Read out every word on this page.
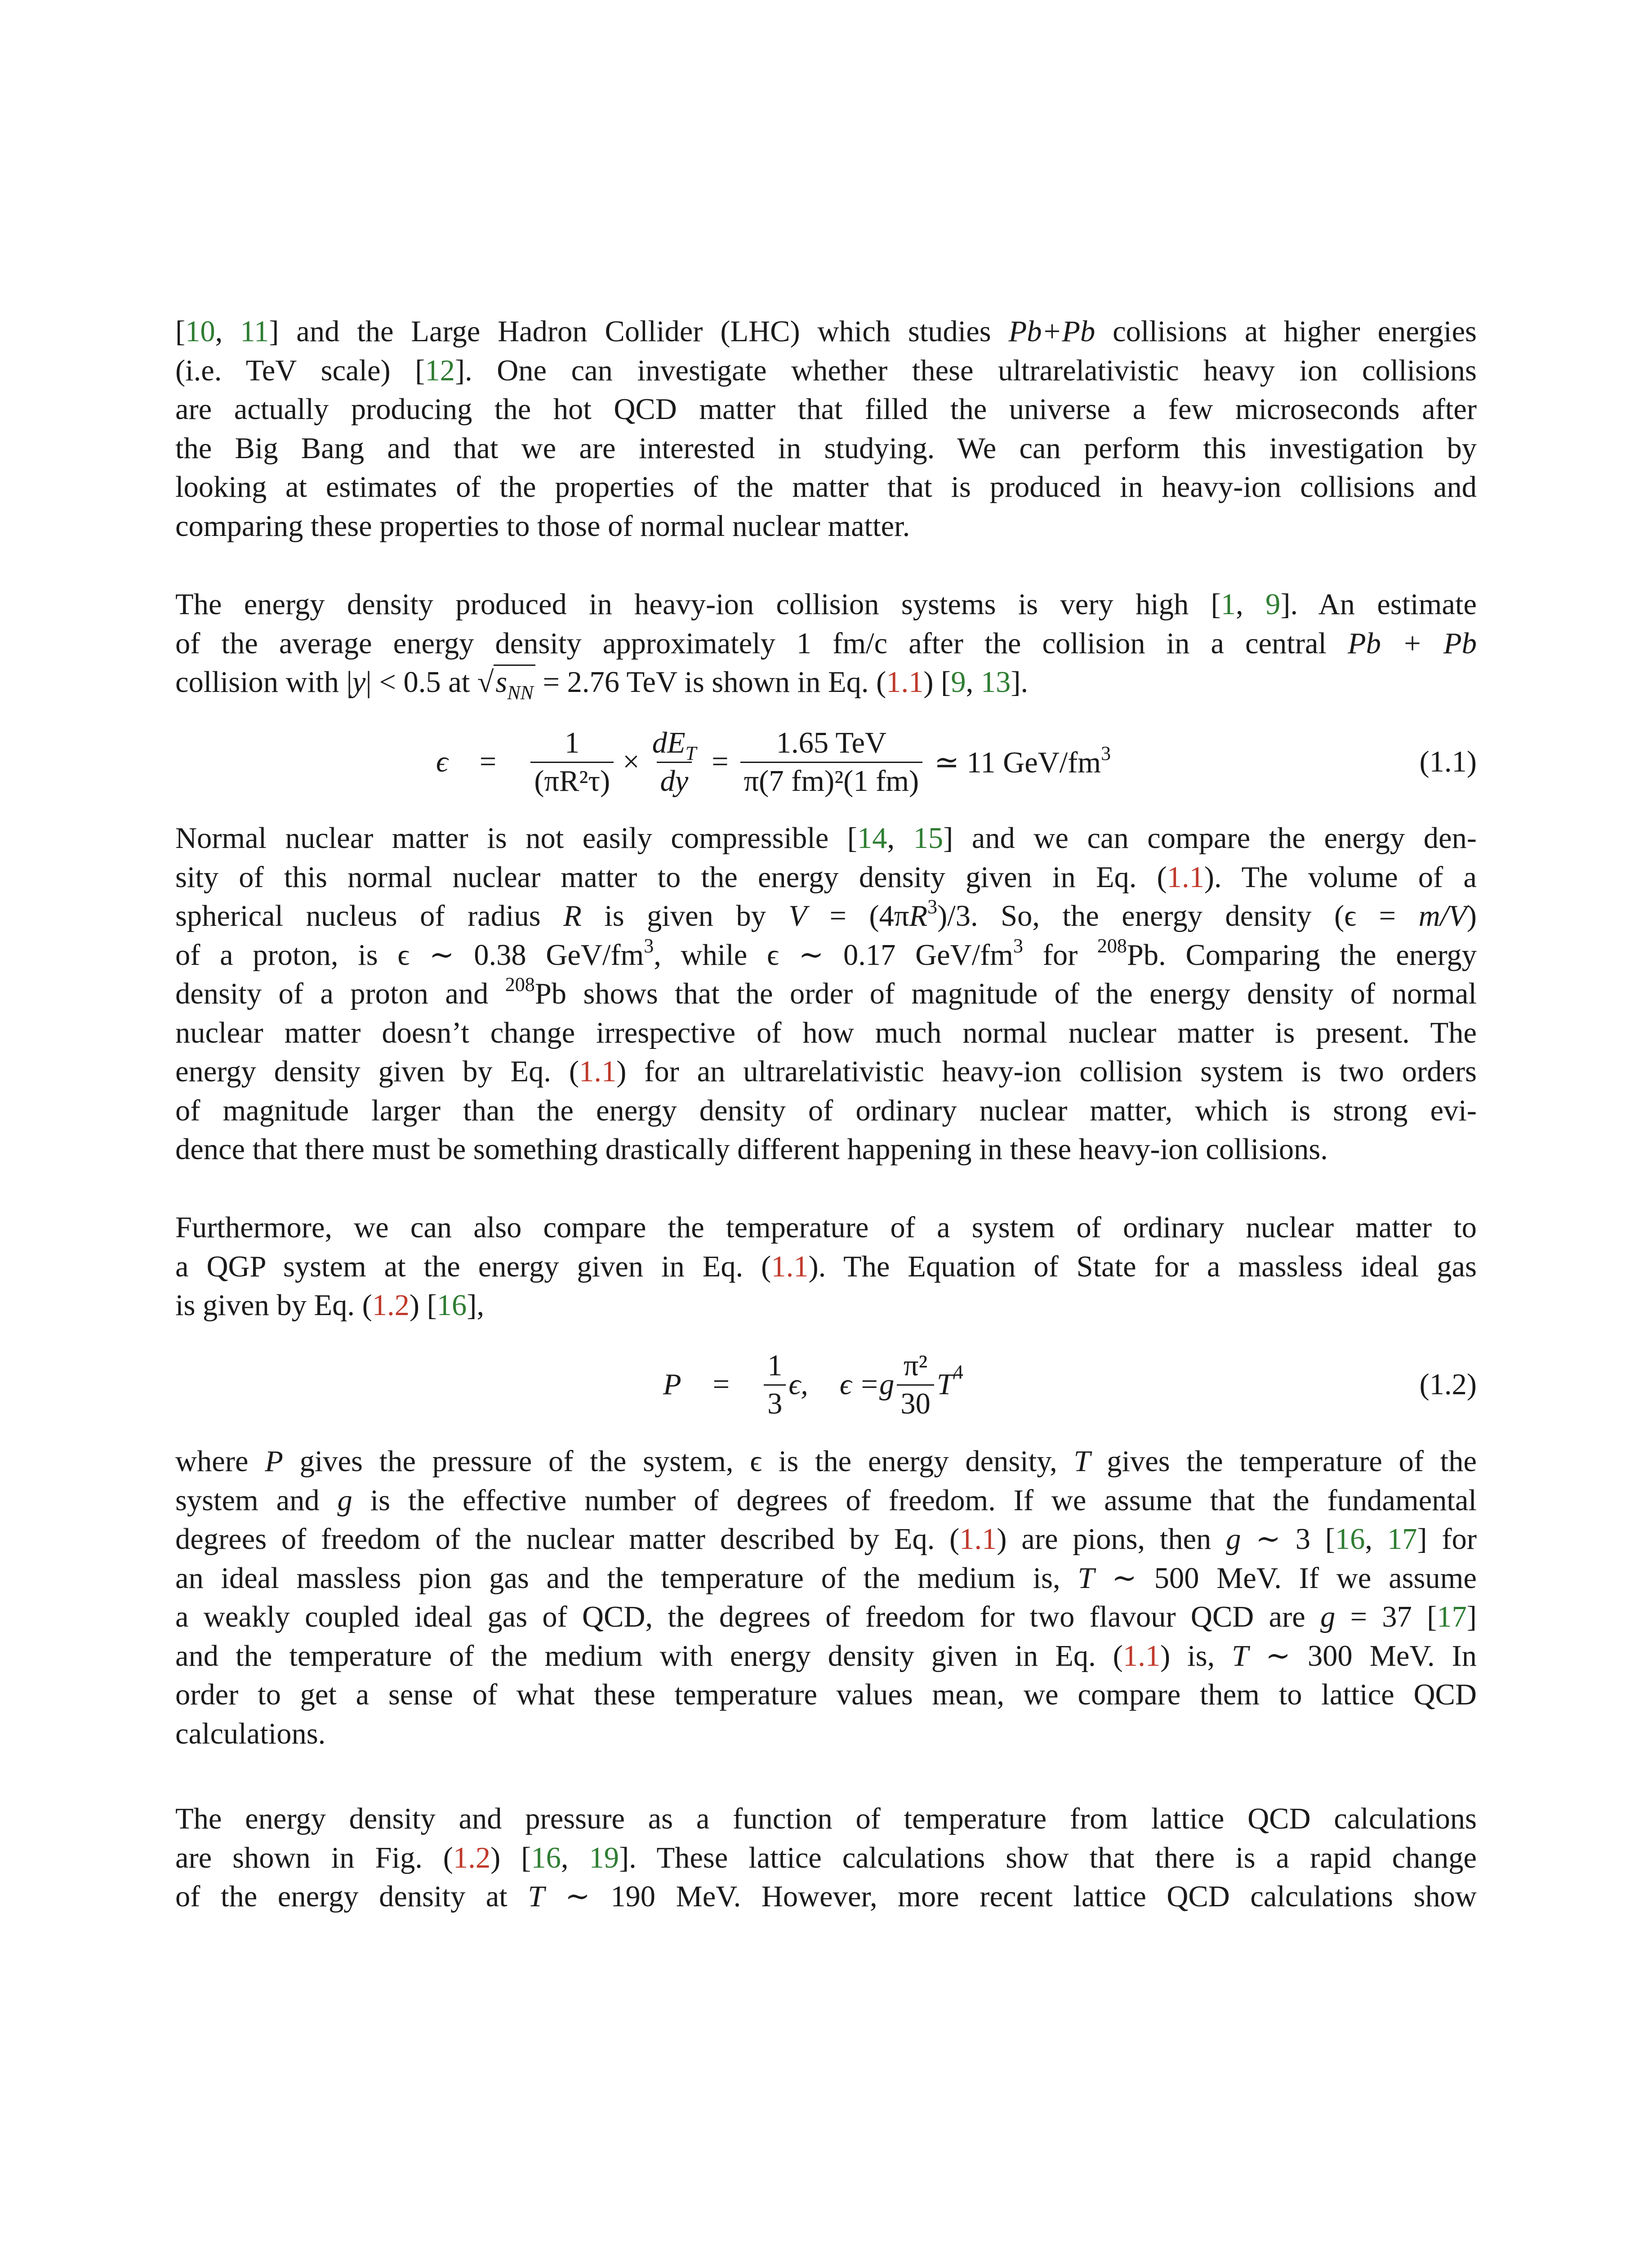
[10, 11] and the Large Hadron Collider (LHC) which studies Pb+Pb collisions at higher energies
(i.e. TeV scale) [12]. One can investigate whether these ultrarelativistic heavy ion collisions
are actually producing the hot QCD matter that filled the universe a few microseconds after
the Big Bang and that we are interested in studying. We can perform this investigation by
looking at estimates of the properties of the matter that is produced in heavy-ion collisions and
comparing these properties to those of normal nuclear matter.
The energy density produced in heavy-ion collision systems is very high [1, 9]. An estimate
of the average energy density approximately 1 fm/c after the collision in a central Pb + Pb
collision with |y| < 0.5 at $√s_{NN} = 2.76$ TeV is shown in Eq. (1.1) [9, 13].
$\epsilon = \frac{1}{\text{(πR²τ)}} \times \frac{dE_T}{dy} = \frac{\text{1.65 TeV}}{\text{π(7 fm)²(1 fm)}}$ ≃ 11 GeV/$fm^3$	(1.1)
Normal nuclear matter is not easily compressible [14, 15] and we can compare the energy den-
sity of this normal nuclear matter to the energy density given in Eq. (1.1). The volume of a
spherical nucleus of radius R is given by $V = (4\pi R^3)/3$. So, the energy density (ϵ = m/V)
of a proton, is ϵ ∼ 0.38 GeV/$fm^3$, while ϵ ∼ 0.17 GeV/$fm^3$ for $^{208}$Pb. Comparing the energy
density of a proton and $^{208}$Pb shows that the order of magnitude of the energy density of normal
nuclear matter doesn’t change irrespective of how much normal nuclear matter is present. The
energy density given by Eq. (1.1) for an ultrarelativistic heavy-ion collision system is two orders
of magnitude larger than the energy density of ordinary nuclear matter, which is strong evi-
dence that there must be something drastically different happening in these heavy-ion collisions.
Furthermore, we can also compare the temperature of a system of ordinary nuclear matter to
a QGP system at the energy given in Eq. (1.1). The Equation of State for a massless ideal gas
is given by Eq. (1.2) [16],
$P = \frac{1}{3} \epsilon$, ϵ = g $\frac{\text{π²}}{30} T^4$	(1.2)
where P gives the pressure of the system, ϵ is the energy density, T gives the temperature of the
system and g is the effective number of degrees of freedom. If we assume that the fundamental
degrees of freedom of the nuclear matter described by Eq. (1.1) are pions, then g ∼ 3 [16, 17] for
an ideal massless pion gas and the temperature of the medium is, T ∼ 500 MeV. If we assume
a weakly coupled ideal gas of QCD, the degrees of freedom for two flavour QCD are g = 37 [17]
and the temperature of the medium with energy density given in Eq. (1.1) is, T ∼ 300 MeV. In
order to get a sense of what these temperature values mean, we compare them to lattice QCD
calculations.
The energy density and pressure as a function of temperature from lattice QCD calculations
are shown in Fig. (1.2) [16, 19]. These lattice calculations show that there is a rapid change
of the energy density at T ∼ 190 MeV. However, more recent lattice QCD calculations show
